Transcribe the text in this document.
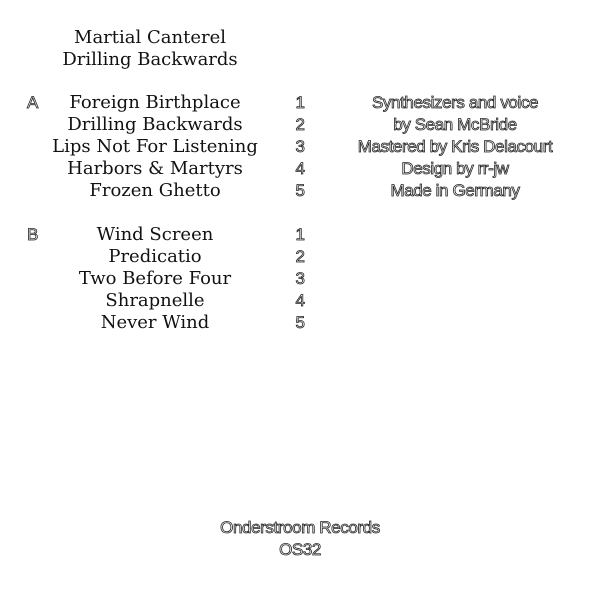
Martial Canterel
Drilling Backwards
A	Foreign Birthplace
Drilling Backwards
Lips Not For Listening
Harbors & Martyrs
Frozen Ghetto
1
2
3
4
5
B	Wind Screen
Predicatio
Two Before Four
Shrapnelle
Never Wind
1
2
3
4
5
Synthesizers and voice
by Sean McBride
Mastered by Kris Delacourt
Design by rr-jw
Made in Germany
Onderstroom Records
OS32
